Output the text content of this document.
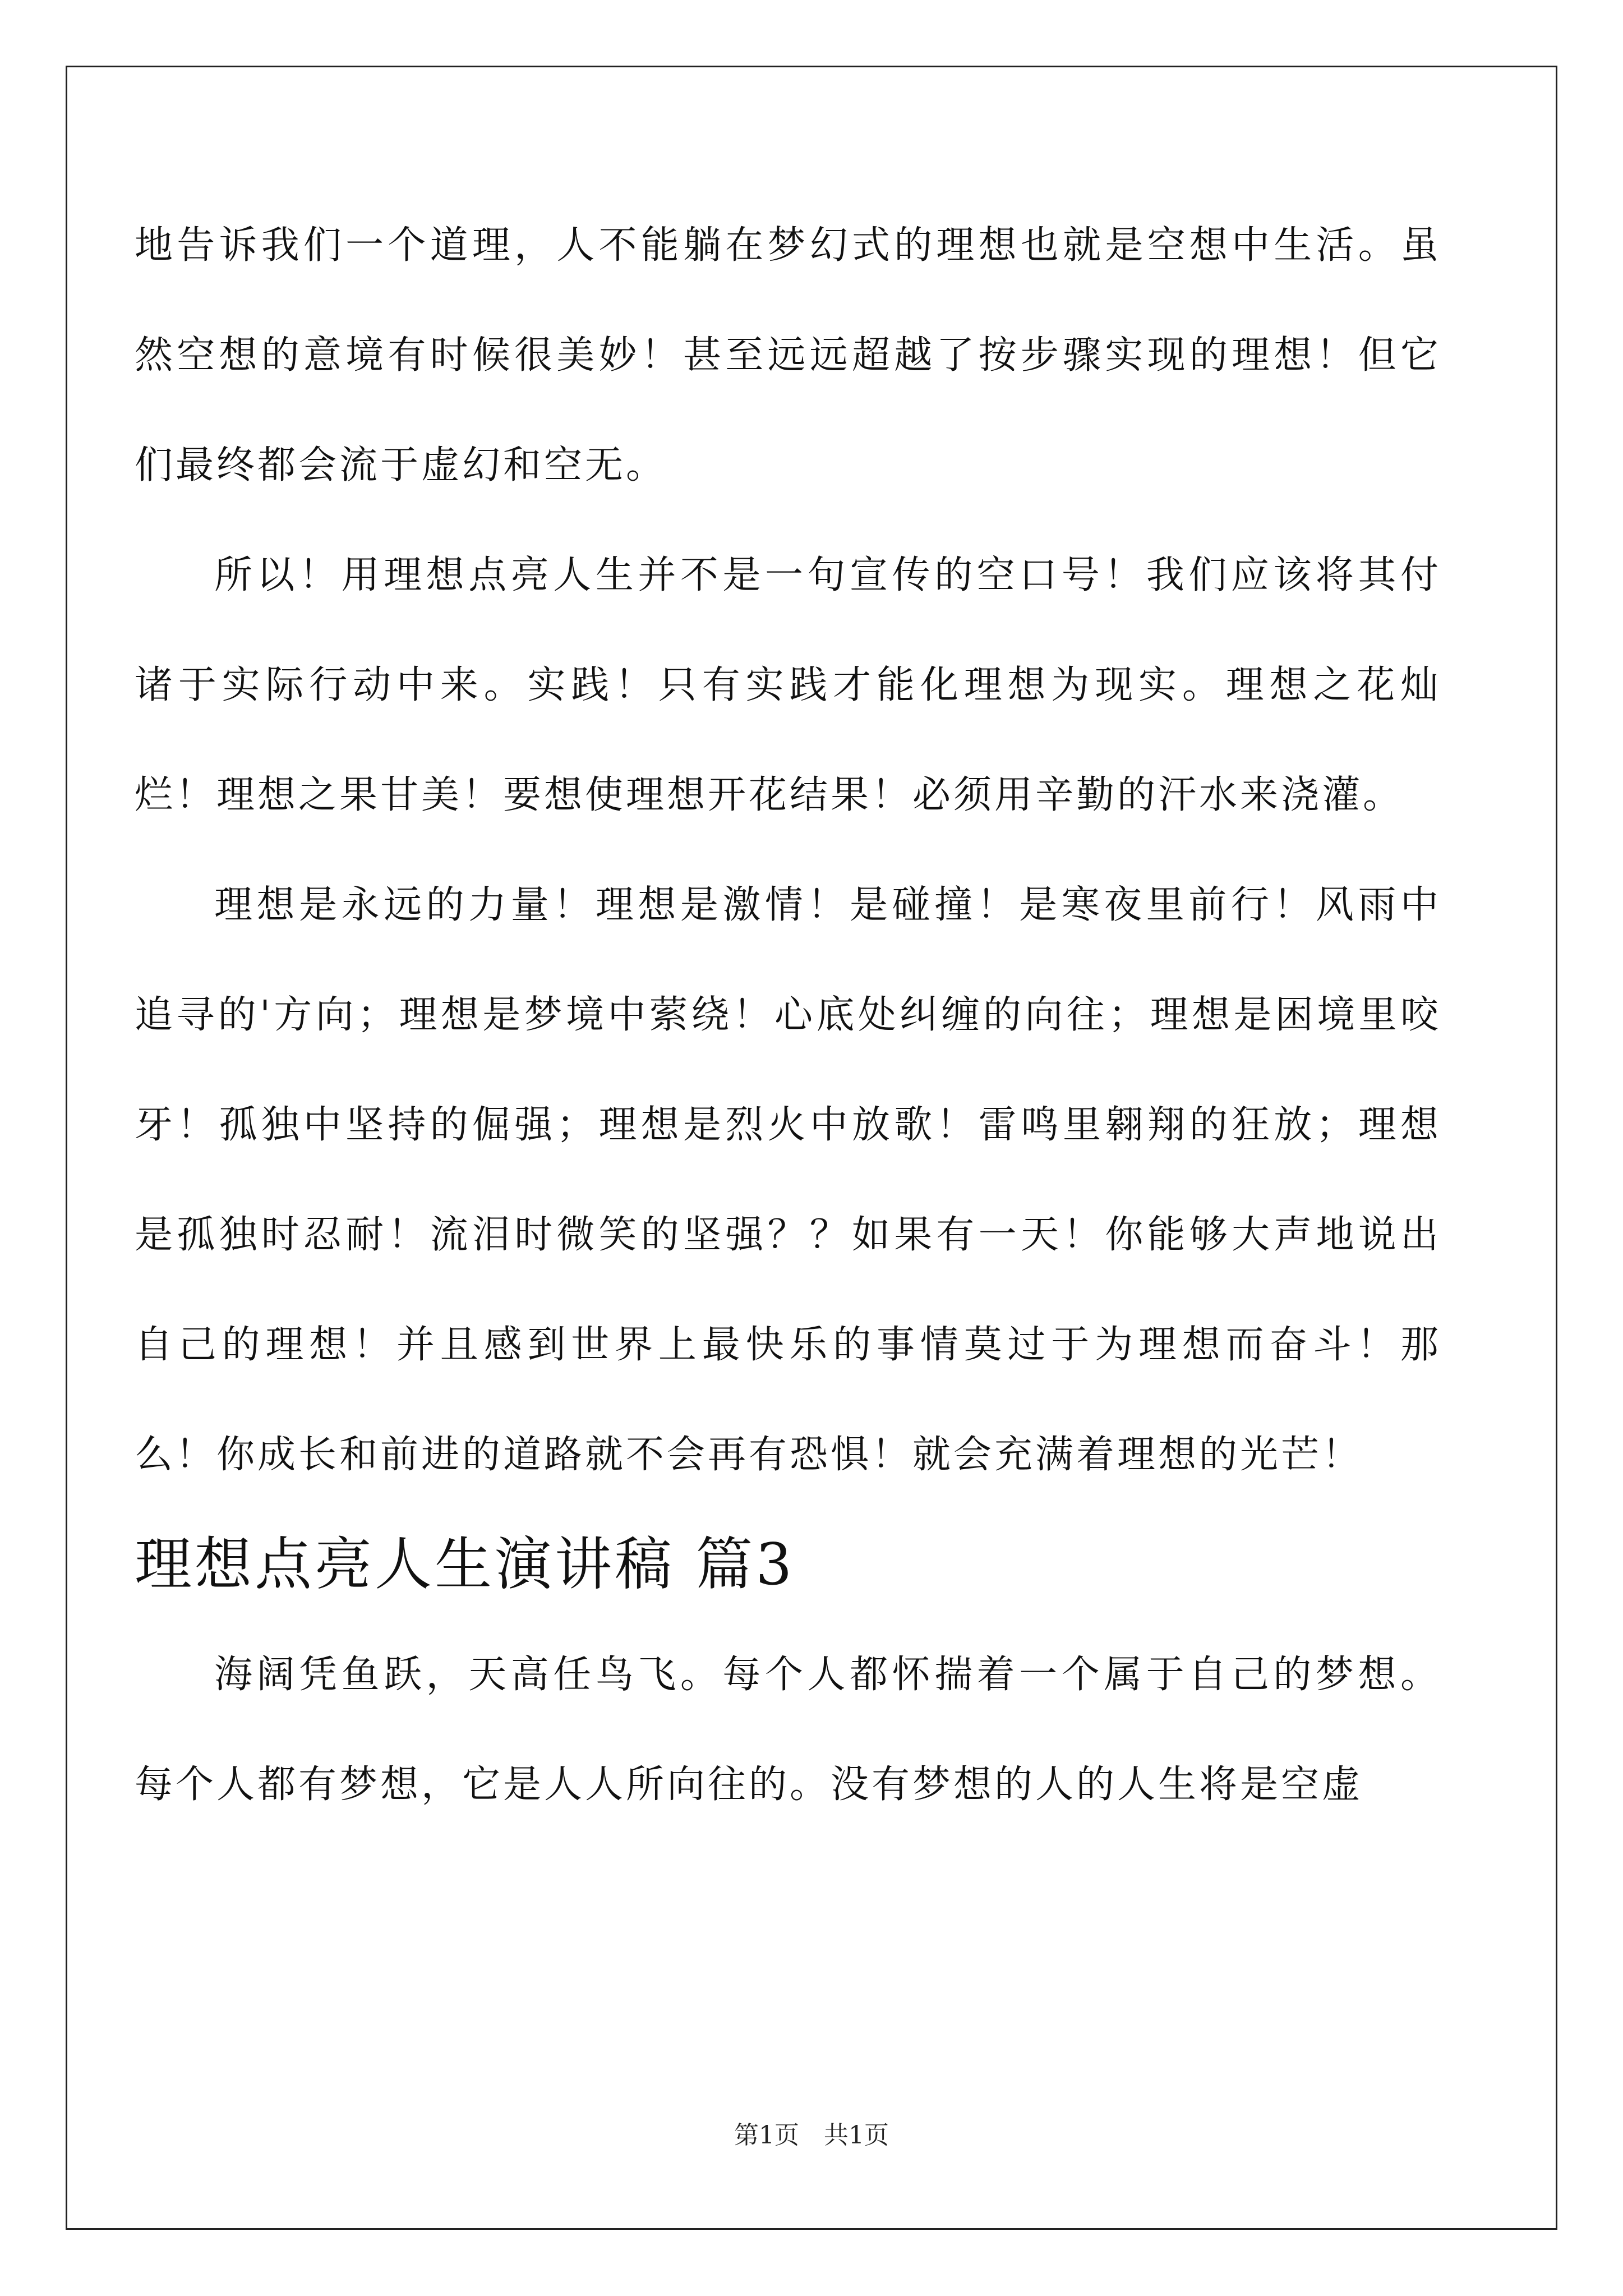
地告诉我们一个道理，人不能躺在梦幻式的理想也就是空想中生活。虽然空想的意境有时候很美妙！甚至远远超越了按步骤实现的理想！但它们最终都会流于虚幻和空无。

所以！用理想点亮人生并不是一句宣传的空口号！我们应该将其付诸于实际行动中来。实践！只有实践才能化理想为现实。理想之花灿烂！理想之果甘美！要想使理想开花结果！必须用辛勤的汗水来浇灌。

理想是永远的力量！理想是激情！是碰撞！是寒夜里前行！风雨中追寻的'方向；理想是梦境中萦绕！心底处纠缠的向往；理想是困境里咬牙！孤独中坚持的倔强；理想是烈火中放歌！雷鸣里翱翔的狂放；理想是孤独时忍耐！流泪时微笑的坚强？？如果有一天！你能够大声地说出自己的理想！并且感到世界上最快乐的事情莫过于为理想而奋斗！那么！你成长和前进的道路就不会再有恐惧！就会充满着理想的光芒！

理想点亮人生演讲稿 篇3

海阔凭鱼跃，天高任鸟飞。每个人都怀揣着一个属于自己的梦想。每个人都有梦想，它是人人所向往的。没有梦想的人的人生将是空虚

第1页 共1页
